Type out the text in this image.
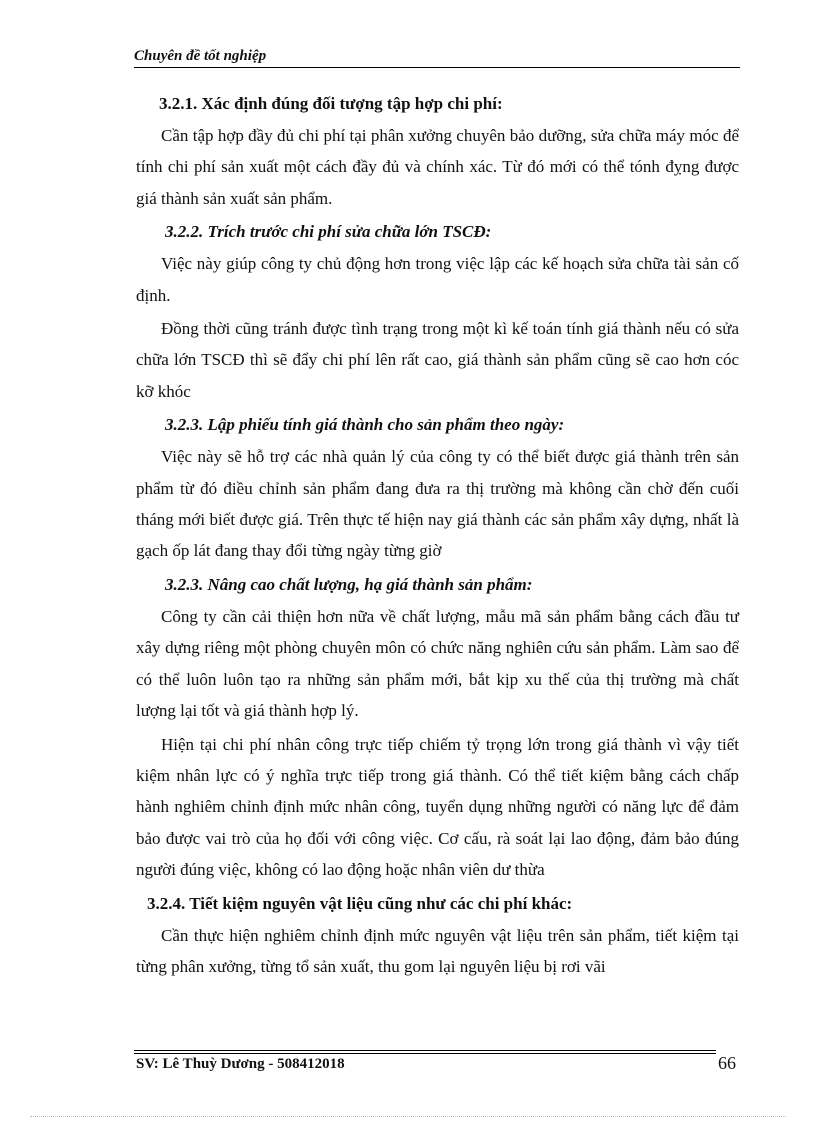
Chuyên đề tốt nghiệp
3.2.1. Xác định đúng đối tượng tập hợp chi phí:

Cần tập hợp đầy đủ chi phí tại phân xưởng chuyên bảo dưỡng, sửa chữa máy móc để tính chi phí sản xuất một cách đầy đủ và chính xác. Từ đó mới có thể tónh đỵng được giá thành sản xuất sản phẩm.

3.2.2. Trích trước chi phí sửa chữa lớn TSCĐ:

Việc này giúp công ty chủ động hơn trong việc lập các kế hoạch sửa chữa tài sản cố định.

Đồng thời cũng tránh được tình trạng trong một kì kế toán tính giá thành nếu có sửa chữa lớn TSCĐ thì sẽ đẩy chi phí lên rất cao, giá thành sản phẩm cũng sẽ cao hơn cóc kỡ khóc

3.2.3. Lập phiếu tính giá thành cho sản phẩm theo ngày:

Việc này sẽ hỗ trợ các nhà quản lý của công ty có thể biết được giá thành trên sản phẩm từ đó điều chỉnh sản phẩm đang đưa ra thị trường mà không cần chờ đến cuối tháng mới biết được giá. Trên thực tế hiện nay giá thành các sản phẩm xây dựng, nhất là gạch ốp lát đang thay đổi từng ngày từng giờ

3.2.3. Nâng cao chất lượng, hạ giá thành sản phẩm:

Công ty cần cải thiện hơn nữa về chất lượng, mẫu mã sản phẩm bằng cách đầu tư xây dựng riêng một phòng chuyên môn có chức năng nghiên cứu sản phẩm. Làm sao để có thể luôn luôn tạo ra những sản phẩm mới, bắt kịp xu thế của thị trường mà chất lượng lại tốt và giá thành hợp lý.

Hiện tại chi phí nhân công trực tiếp chiếm tỷ trọng lớn trong giá thành vì vậy tiết kiệm nhân lực có ý nghĩa trực tiếp trong giá thành. Có thể tiết kiệm bằng cách chấp hành nghiêm chỉnh định mức nhân công, tuyển dụng những người có năng lực để đảm bảo được vai trò của họ đối với công việc. Cơ cấu, rà soát lại lao động, đảm bảo đúng người đúng việc, không có lao động hoặc nhân viên dư thừa

3.2.4. Tiết kiệm nguyên vật liệu cũng như các chi phí khác:

Cần thực hiện nghiêm chỉnh định mức nguyên vật liệu trên sản phẩm, tiết kiệm tại từng phân xưởng, từng tổ sản xuất, thu gom lại nguyên liệu bị rơi vãi

SV: Lê Thuỳ Dương - 508412018	66
